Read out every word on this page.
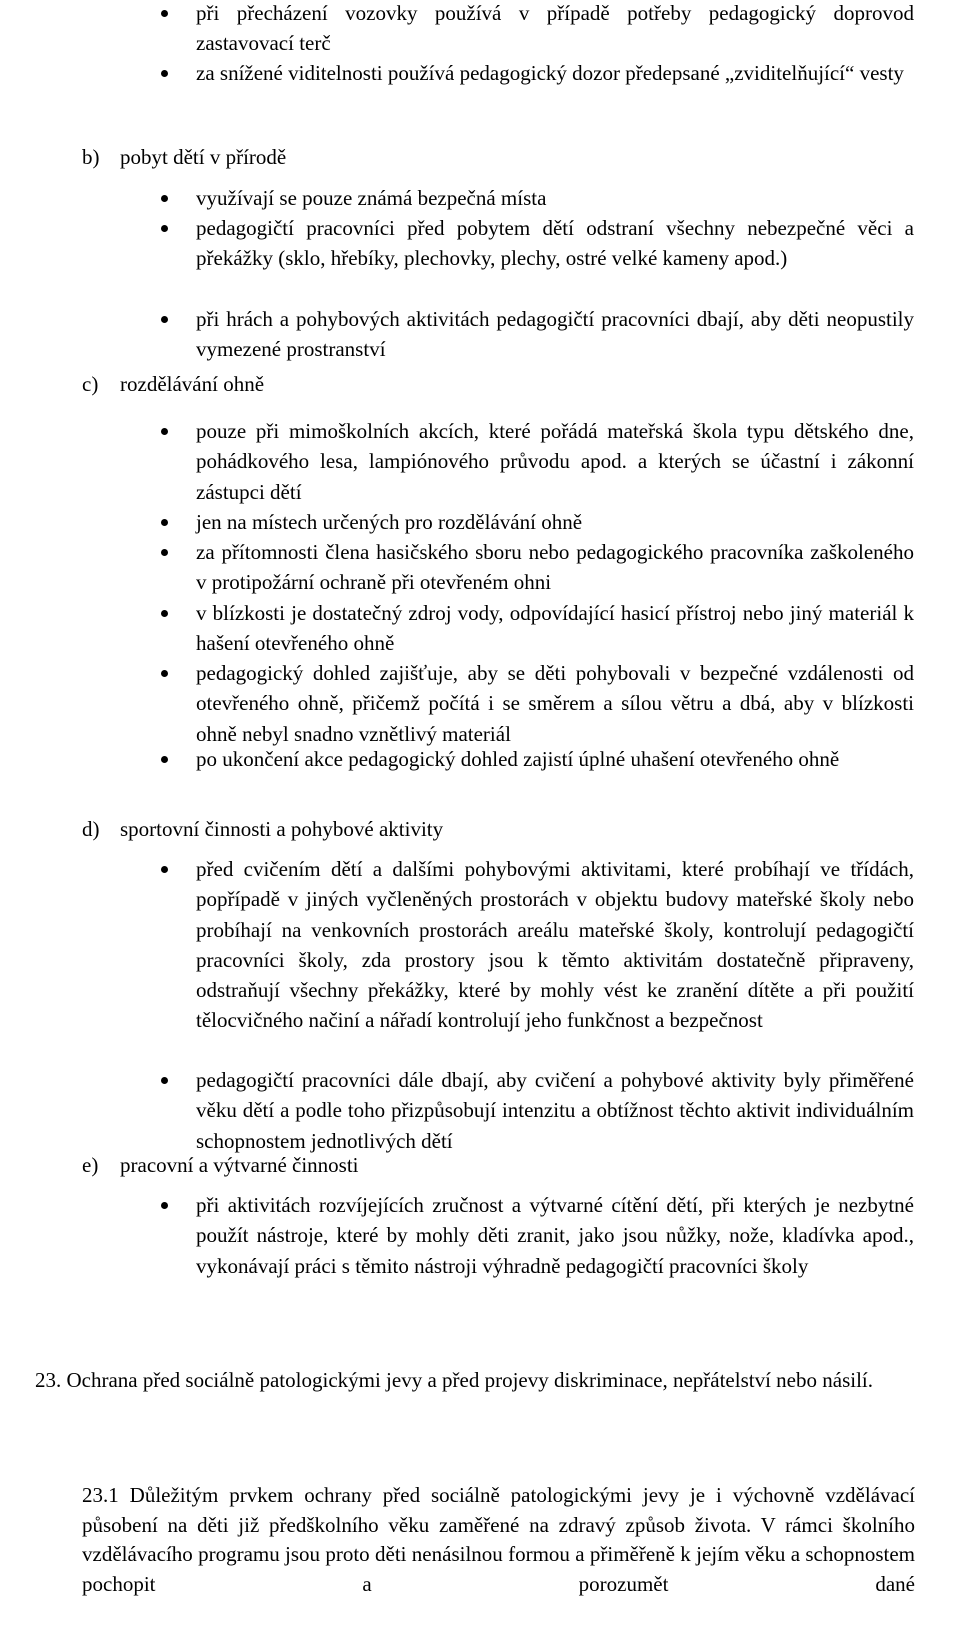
při přecházení vozovky používá v případě potřeby pedagogický doprovod zastavovací terč

za snížené viditelnosti používá pedagogický dozor předepsané „zviditelňující“ vesty

b) pobyt dětí v přírodě

využívají se pouze známá bezpečná místa

pedagogičtí pracovníci před pobytem dětí odstraní všechny nebezpečné věci a překážky (sklo, hřebíky, plechovky, plechy, ostré velké kameny apod.)

při hrách a pohybových aktivitách pedagogičtí pracovníci dbají, aby děti neopustily vymezené prostranství

c) rozdělávání ohně

pouze při mimoškolních akcích, které pořádá mateřská škola typu dětského dne, pohádkového lesa, lampiónového průvodu apod. a kterých se účastní i zákonní zástupci dětí

jen na místech určených pro rozdělávání ohně

za přítomnosti člena hasičského sboru nebo pedagogického pracovníka zaškoleného v protipožární ochraně při otevřeném ohni

v blízkosti je dostatečný zdroj vody, odpovídající hasicí přístroj nebo jiný materiál k hašení otevřeného ohně

pedagogický dohled zajišťuje, aby se děti pohybovali v bezpečné vzdálenosti od otevřeného ohně, přičemž počítá i se směrem a sílou větru a dbá, aby v blízkosti ohně nebyl snadno vznětlivý materiál

po ukončení akce pedagogický dohled zajistí úplné uhašení otevřeného ohně

d) sportovní činnosti a pohybové aktivity

před cvičením dětí a dalšími pohybovými aktivitami, které probíhají ve třídách, popřípadě v jiných vyčleněných prostorách v objektu budovy mateřské školy nebo probíhají na venkovních prostorách areálu mateřské školy, kontrolují pedagogičtí pracovníci školy, zda prostory jsou k těmto aktivitám dostatečně připraveny, odstraňují všechny překážky, které by mohly vést ke zranění dítěte a při použití tělocvičného načiní a nářadí kontrolují jeho funkčnost a bezpečnost

pedagogičtí pracovníci dále dbají, aby cvičení a pohybové aktivity byly přiměřené věku dětí a podle toho přizpůsobují intenzitu a obtížnost těchto aktivit individuálním schopnostem jednotlivých dětí

e) pracovní a výtvarné činnosti

při aktivitách rozvíjejících zručnost a výtvarné cítění dětí, při kterých je nezbytné použít nástroje, které by mohly děti zranit, jako jsou nůžky, nože, kladívka apod., vykonávají práci s těmito nástroji výhradně pedagogičtí pracovníci školy

23. Ochrana před sociálně patologickými jevy a před projevy diskriminace, nepřátelství nebo násilí.

23.1 Důležitým prvkem ochrany před sociálně patologickými jevy je i výchovně vzdělávací působení na děti již předškolního věku zaměřené na zdravý způsob života. V rámci školního vzdělávacího programu jsou proto děti nenásilnou formou a přiměřeně k jejím věku a schopnostem pochopit a porozumět dané
